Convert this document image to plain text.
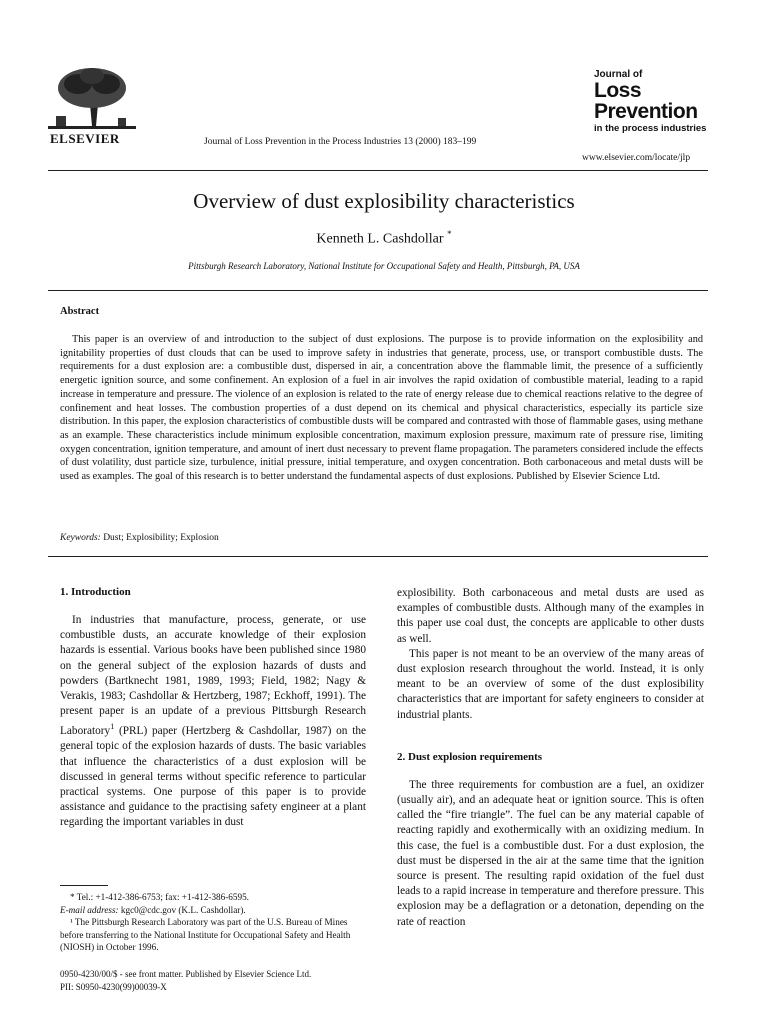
ELSEVIER	Journal of Loss Prevention in the Process Industries 13 (2000) 183–199
Journal of
Loss
Prevention
in the process industries
www.elsevier.com/locate/jlp
Overview of dust explosibility characteristics
Kenneth L. Cashdollar *
Pittsburgh Research Laboratory, National Institute for Occupational Safety and Health, Pittsburgh, PA, USA
Abstract
This paper is an overview of and introduction to the subject of dust explosions. The purpose is to provide information on the explosibility and ignitability properties of dust clouds that can be used to improve safety in industries that generate, process, use, or transport combustible dusts. The requirements for a dust explosion are: a combustible dust, dispersed in air, a concentration above the flammable limit, the presence of a sufficiently energetic ignition source, and some confinement. An explosion of a fuel in air involves the rapid oxidation of combustible material, leading to a rapid increase in temperature and pressure. The violence of an explosion is related to the rate of energy release due to chemical reactions relative to the degree of confinement and heat losses. The combustion properties of a dust depend on its chemical and physical characteristics, especially its particle size distribution. In this paper, the explosion characteristics of combustible dusts will be compared and contrasted with those of flammable gases, using methane as an example. These characteristics include minimum explosible concentration, maximum explosion pressure, maximum rate of pressure rise, limiting oxygen concentration, ignition temperature, and amount of inert dust necessary to prevent flame propagation. The parameters considered include the effects of dust volatility, dust particle size, turbulence, initial pressure, initial temperature, and oxygen concentration. Both carbonaceous and metal dusts will be used as examples. The goal of this research is to better understand the fundamental aspects of dust explosions. Published by Elsevier Science Ltd.
Keywords: Dust; Explosibility; Explosion
1. Introduction

In industries that manufacture, process, generate, or use combustible dusts, an accurate knowledge of their explosion hazards is essential. Various books have been published since 1980 on the general subject of the explosion hazards of dusts and powders (Bartknecht 1981, 1989, 1993; Field, 1982; Nagy & Verakis, 1983; Cashdollar & Hertzberg, 1987; Eckhoff, 1991). The present paper is an update of a previous Pittsburgh Research Laboratory$^1$ (PRL) paper (Hertzberg & Cashdollar, 1987) on the general topic of the explosion hazards of dusts. The basic variables that influence the characteristics of a dust explosion will be discussed in general terms without specific reference to particular practical systems. One purpose of this paper is to provide assistance and guidance to the practising safety engineer at a plant regarding the important variables in dust

* Tel.: +1-412-386-6753; fax: +1-412-386-6595.
E-mail address: kgc0@cdc.gov (K.L. Cashdollar).
¹ The Pittsburgh Research Laboratory was part of the U.S. Bureau of Mines before transferring to the National Institute for Occupational Safety and Health (NIOSH) in October 1996.
0950-4230/00/$ - see front matter. Published by Elsevier Science Ltd.
PII: S0950-4230(99)00039-X

explosibility. Both carbonaceous and metal dusts are used as examples of combustible dusts. Although many of the examples in this paper use coal dust, the concepts are applicable to other dusts as well.

This paper is not meant to be an overview of the many areas of dust explosion research throughout the world. Instead, it is only meant to be an overview of some of the dust explosibility characteristics that are important for safety engineers to consider at industrial plants.

2. Dust explosion requirements

The three requirements for combustion are a fuel, an oxidizer (usually air), and an adequate heat or ignition source. This is often called the “fire triangle”. The fuel can be any material capable of reacting rapidly and exothermically with an oxidizing medium. In this case, the fuel is a combustible dust. For a dust explosion, the dust must be dispersed in the air at the same time that the ignition source is present. The resulting rapid oxidation of the fuel dust leads to a rapid increase in temperature and therefore pressure. This explosion may be a deflagration or a detonation, depending on the rate of reaction
